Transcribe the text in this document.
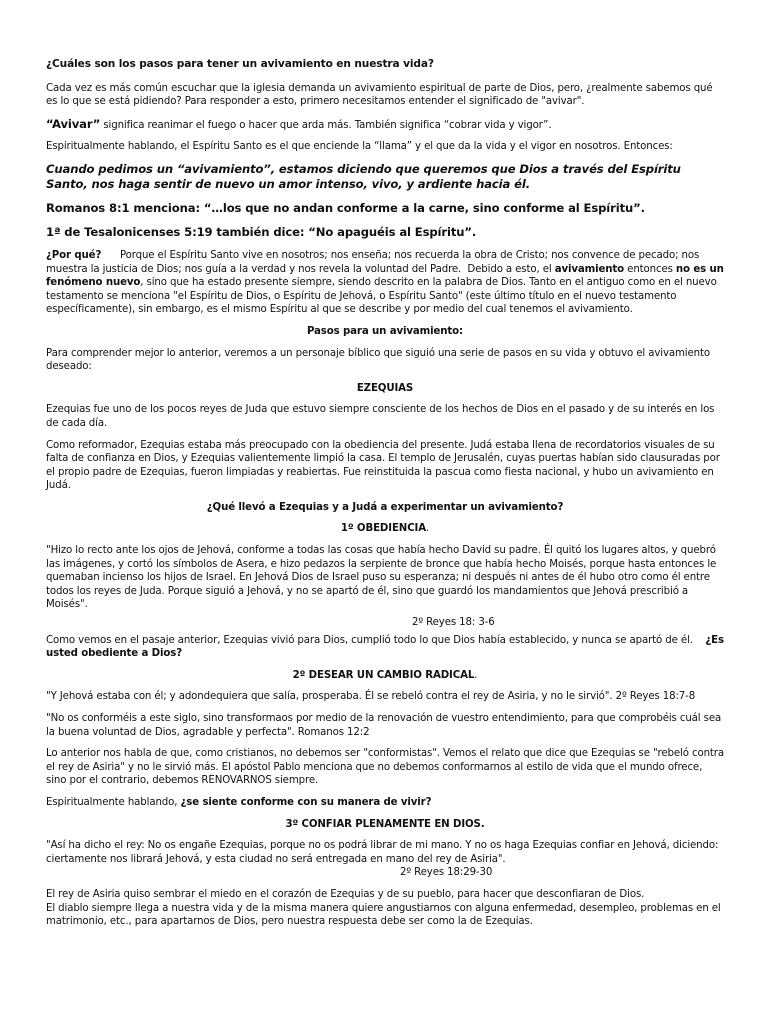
¿Cuáles son los pasos para tener un avivamiento en nuestra vida?

Cada vez es más común escuchar que la iglesia demanda un avivamiento espiritual de parte de Dios, pero, ¿realmente sabemos qué es lo que se está pidiendo? Para responder a esto, primero necesitamos entender el significado de "avivar".

“Avivar” significa reanimar el fuego o hacer que arda más. También significa “cobrar vida y vigor”.

Espiritualmente hablando, el Espíritu Santo es el que enciende la “llama” y el que da la vida y el vigor en nosotros. Entonces:

Cuando pedimos un “avivamiento”, estamos diciendo que queremos que Dios a través del Espíritu Santo, nos haga sentir de nuevo un amor intenso, vivo, y ardiente hacia él.

Romanos 8:1 menciona: “…los que no andan conforme a la carne, sino conforme al Espíritu”.

1ª de Tesalonicenses 5:19 también dice: “No apaguéis al Espíritu”.

¿Por qué?      Porque el Espíritu Santo vive en nosotros; nos enseña; nos recuerda la obra de Cristo; nos convence de pecado; nos muestra la justicia de Dios; nos guía a la verdad y nos revela la voluntad del Padre.  Debido a esto, el avivamiento entonces no es un fenómeno nuevo, sino que ha estado presente siempre, siendo descrito en la palabra de Dios. Tanto en el antiguo como en el nuevo testamento se menciona "el Espíritu de Dios, o Espíritu de Jehová, o Espíritu Santo" (este último título en el nuevo testamento específicamente), sin embargo, es el mismo Espíritu al que se describe y por medio del cual tenemos el avivamiento.

Pasos para un avivamiento:

Para comprender mejor lo anterior, veremos a un personaje bíblico que siguió una serie de pasos en su vida y obtuvo el avivamiento deseado:

EZEQUIAS

Ezequias fue uno de los pocos reyes de Juda que estuvo siempre consciente de los hechos de Dios en el pasado y de su interés en los de cada día.

Como reformador, Ezequias estaba más preocupado con la obediencia del presente. Judá estaba llena de recordatorios visuales de su falta de confianza en Dios, y Ezequias valientemente limpió la casa. El templo de Jerusalén, cuyas puertas habían sido clausuradas por el propio padre de Ezequias, fueron limpiadas y reabiertas. Fue reinstituida la pascua como fiesta nacional, y hubo un avivamiento en Judá.

¿Qué llevó a Ezequias y a Judá a experimentar un avivamiento?

1º OBEDIENCIA.

"Hizo lo recto ante los ojos de Jehová, conforme a todas las cosas que había hecho David su padre. Él quitó los lugares altos, y quebró las imágenes, y cortó los símbolos de Asera, e hizo pedazos la serpiente de bronce que había hecho Moisés, porque hasta entonces le quemaban incienso los hijos de Israel. En Jehová Dios de Israel puso su esperanza; ni después ni antes de él hubo otro como él entre todos los reyes de Juda. Porque siguió a Jehová, y no se apartó de él, sino que guardó los mandamientos que Jehová prescribió a Moisés".

2º Reyes 18: 3-6

Como vemos en el pasaje anterior, Ezequias vivió para Dios, cumplió todo lo que Dios había establecido, y nunca se apartó de él. ¿Es usted obediente a Dios?

2º DESEAR UN CAMBIO RADICAL.

"Y Jehová estaba con él; y adondequiera que salía, prosperaba. Él se rebeló contra el rey de Asiria, y no le sirvió". 2º Reyes 18:7-8

"No os conforméis a este siglo, sino transformaos por medio de la renovación de vuestro entendimiento, para que comprobéis cuál sea la buena voluntad de Dios, agradable y perfecta". Romanos 12:2

Lo anterior nos habla de que, como cristianos, no debemos ser "conformistas". Vemos el relato que dice que Ezequias se "rebeló contra el rey de Asiria" y no le sirvió más. El apóstol Pablo menciona que no debemos conformarnos al estilo de vida que el mundo ofrece, sino por el contrario, debemos RENOVARNOS siempre.

Espiritualmente hablando, ¿se siente conforme con su manera de vivir?

3º CONFIAR PLENAMENTE EN DIOS.

"Así ha dicho el rey: No os engañe Ezequias, porque no os podrá librar de mi mano. Y no os haga Ezequias confiar en Jehová, diciendo: ciertamente nos librará Jehová, y esta ciudad no será entregada en mano del rey de Asiria".

2º Reyes 18:29-30

El rey de Asiria quiso sembrar el miedo en el corazón de Ezequias y de su pueblo, para hacer que desconfiaran de Dios.

El diablo siempre llega a nuestra vida y de la misma manera quiere angustiarnos con alguna enfermedad, desempleo, problemas en el matrimonio, etc., para apartarnos de Dios, pero nuestra respuesta debe ser como la de Ezequias.
